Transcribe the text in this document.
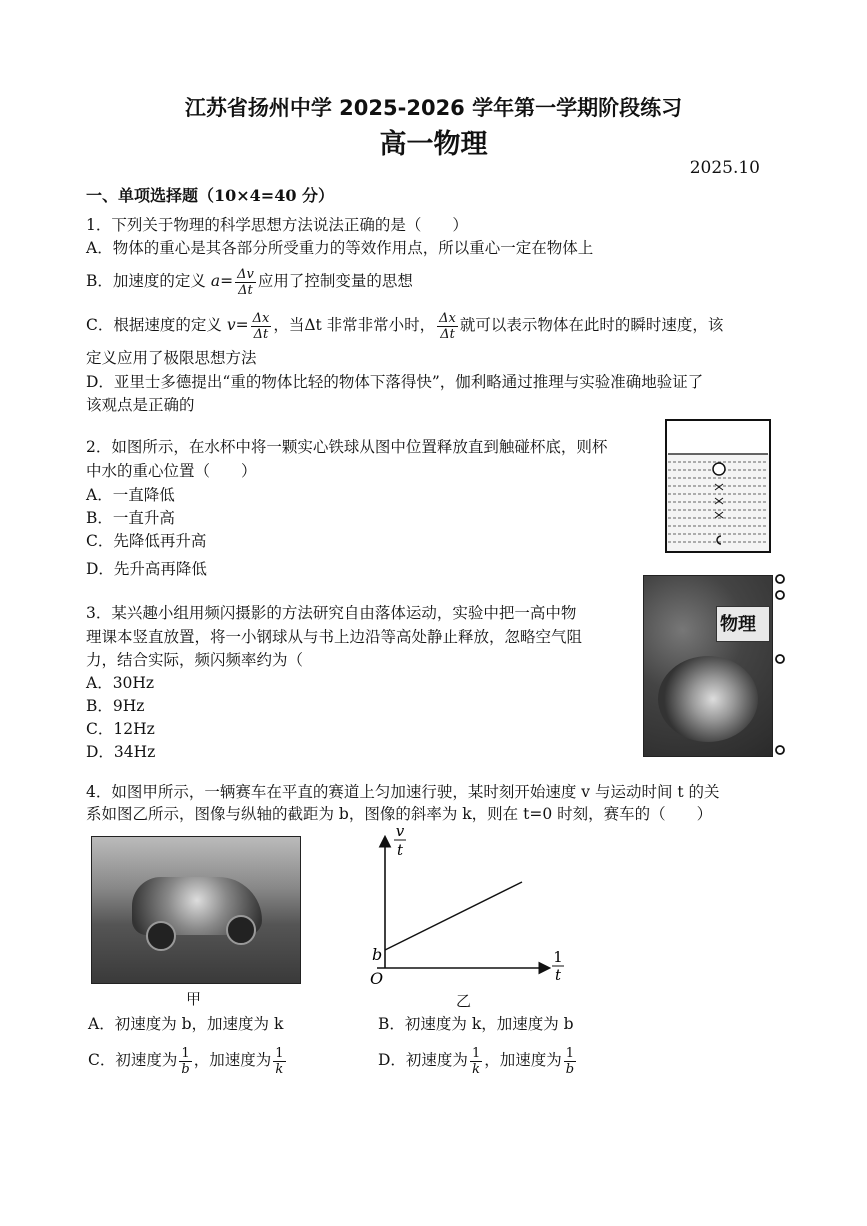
江苏省扬州中学 2025-2026 学年第一学期阶段练习
高一物理
2025.10
一、单项选择题（10×4=40 分）
1．下列关于物理的科学思想方法说法正确的是（　　）
A．物体的重心是其各部分所受重力的等效作用点，所以重心一定在物体上
B．加速度的定义 $a= \frac{\Delta v}{\Delta t}$ 应用了控制变量的思想
C．根据速度的定义 $v= \frac{\Delta x}{\Delta t}$ ，当Δt 非常非常小时， $\frac{\Delta x}{\Delta t}$ 就可以表示物体在此时的瞬时速度，该
定义应用了极限思想方法
D．亚里士多德提出“重的物体比轻的物体下落得快”，伽利略通过推理与实验准确地验证了
该观点是正确的
2．如图所示，在水杯中将一颗实心铁球从图中位置释放直到触碰杯底，则杯
中水的重心位置（　　）
A．一直降低
B．一直升高
C．先降低再升高
D．先升高再降低
3．某兴趣小组用频闪摄影的方法研究自由落体运动，实验中把一高中物
理课本竖直放置，将一小钢球从与书上边沿等高处静止释放，忽略空气阻
力，结合实际，频闪频率约为（
A．30Hz
B．9Hz
C．12Hz
D．34Hz
物理
4．如图甲所示，一辆赛车在平直的赛道上匀加速行驶，某时刻开始速度 v 与运动时间 t 的关
系如图乙所示，图像与纵轴的截距为 b，图像的斜率为 k，则在 t=0 时刻，赛车的（　　）
甲
v
t
1
t
b
O
乙
A．初速度为 b，加速度为 k	B．初速度为 k，加速度为 b
C．初速度为 $\frac{1}{b}$ ，加速度为 $\frac{1}{k}$	D．初速度为 $\frac{1}{k}$ ，加速度为 $\frac{1}{b}$
